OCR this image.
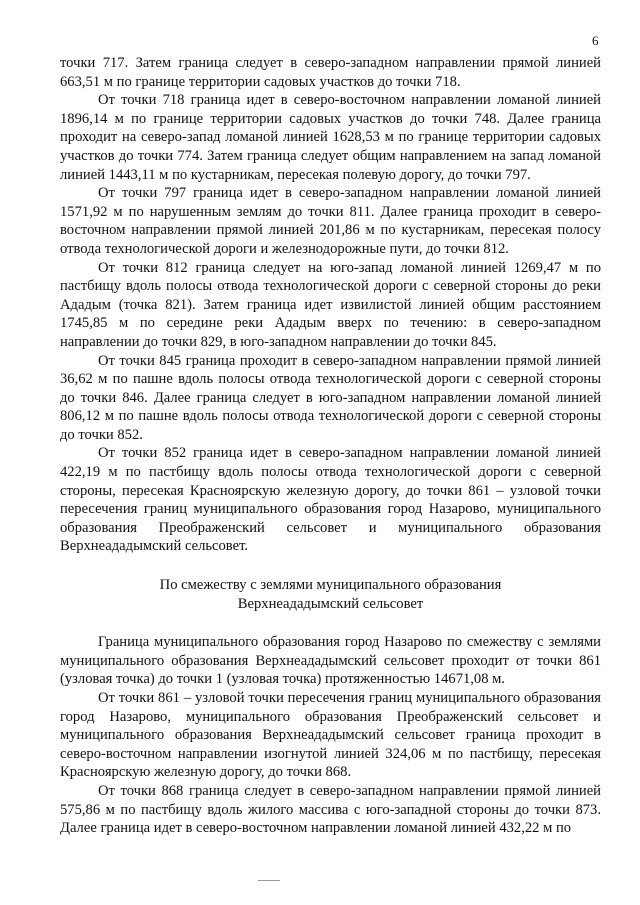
6

точки 717. Затем граница следует в северо-западном направлении прямой линией 663,51 м по границе территории садовых участков до точки 718.

От точки 718 граница идет в северо-восточном направлении ломаной линией 1896,14 м по границе территории садовых участков до точки 748. Далее граница проходит на северо-запад ломаной линией 1628,53 м по границе территории садовых участков до точки 774. Затем граница следует общим направлением на запад ломаной линией 1443,11 м по кустарникам, пересекая полевую дорогу, до точки 797.

От точки 797 граница идет в северо-западном направлении ломаной линией 1571,92 м по нарушенным землям до точки 811. Далее граница проходит в северо-восточном направлении прямой линией 201,86 м по кустарникам, пересекая полосу отвода технологической дороги и железнодорожные пути, до точки 812.

От точки 812 граница следует на юго-запад ломаной линией 1269,47 м по пастбищу вдоль полосы отвода технологической дороги с северной стороны до реки Ададым (точка 821). Затем граница идет извилистой линией общим расстоянием 1745,85 м по середине реки Ададым вверх по течению: в северо-западном направлении до точки 829, в юго-западном направлении до точки 845.

От точки 845 граница проходит в северо-западном направлении прямой линией 36,62 м по пашне вдоль полосы отвода технологической дороги с северной стороны до точки 846. Далее граница следует в юго-западном направлении ломаной линией 806,12 м по пашне вдоль полосы отвода технологической дороги с северной стороны до точки 852.

От точки 852 граница идет в северо-западном направлении ломаной линией 422,19 м по пастбищу вдоль полосы отвода технологической дороги с северной стороны, пересекая Красноярскую железную дорогу, до точки 861 – узловой точки пересечения границ муниципального образования город Назарово, муниципального образования Преображенский сельсовет и муниципального образования Верхнеададымский сельсовет.

По смежеству с землями муниципального образования
Верхнеададымский сельсовет

Граница муниципального образования город Назарово по смежеству с землями муниципального образования Верхнеададымский сельсовет проходит от точки 861 (узловая точка) до точки 1 (узловая точка) протяженностью 14671,08 м.

От точки 861 – узловой точки пересечения границ муниципального образования город Назарово, муниципального образования Преображенский сельсовет и муниципального образования Верхнеададымский сельсовет граница проходит в северо-восточном направлении изогнутой линией 324,06 м по пастбищу, пересекая Красноярскую железную дорогу, до точки 868.

От точки 868 граница следует в северо-западном направлении прямой линией 575,86 м по пастбищу вдоль жилого массива с юго-западной стороны до точки 873. Далее граница идет в северо-восточном направлении ломаной линией 432,22 м по
